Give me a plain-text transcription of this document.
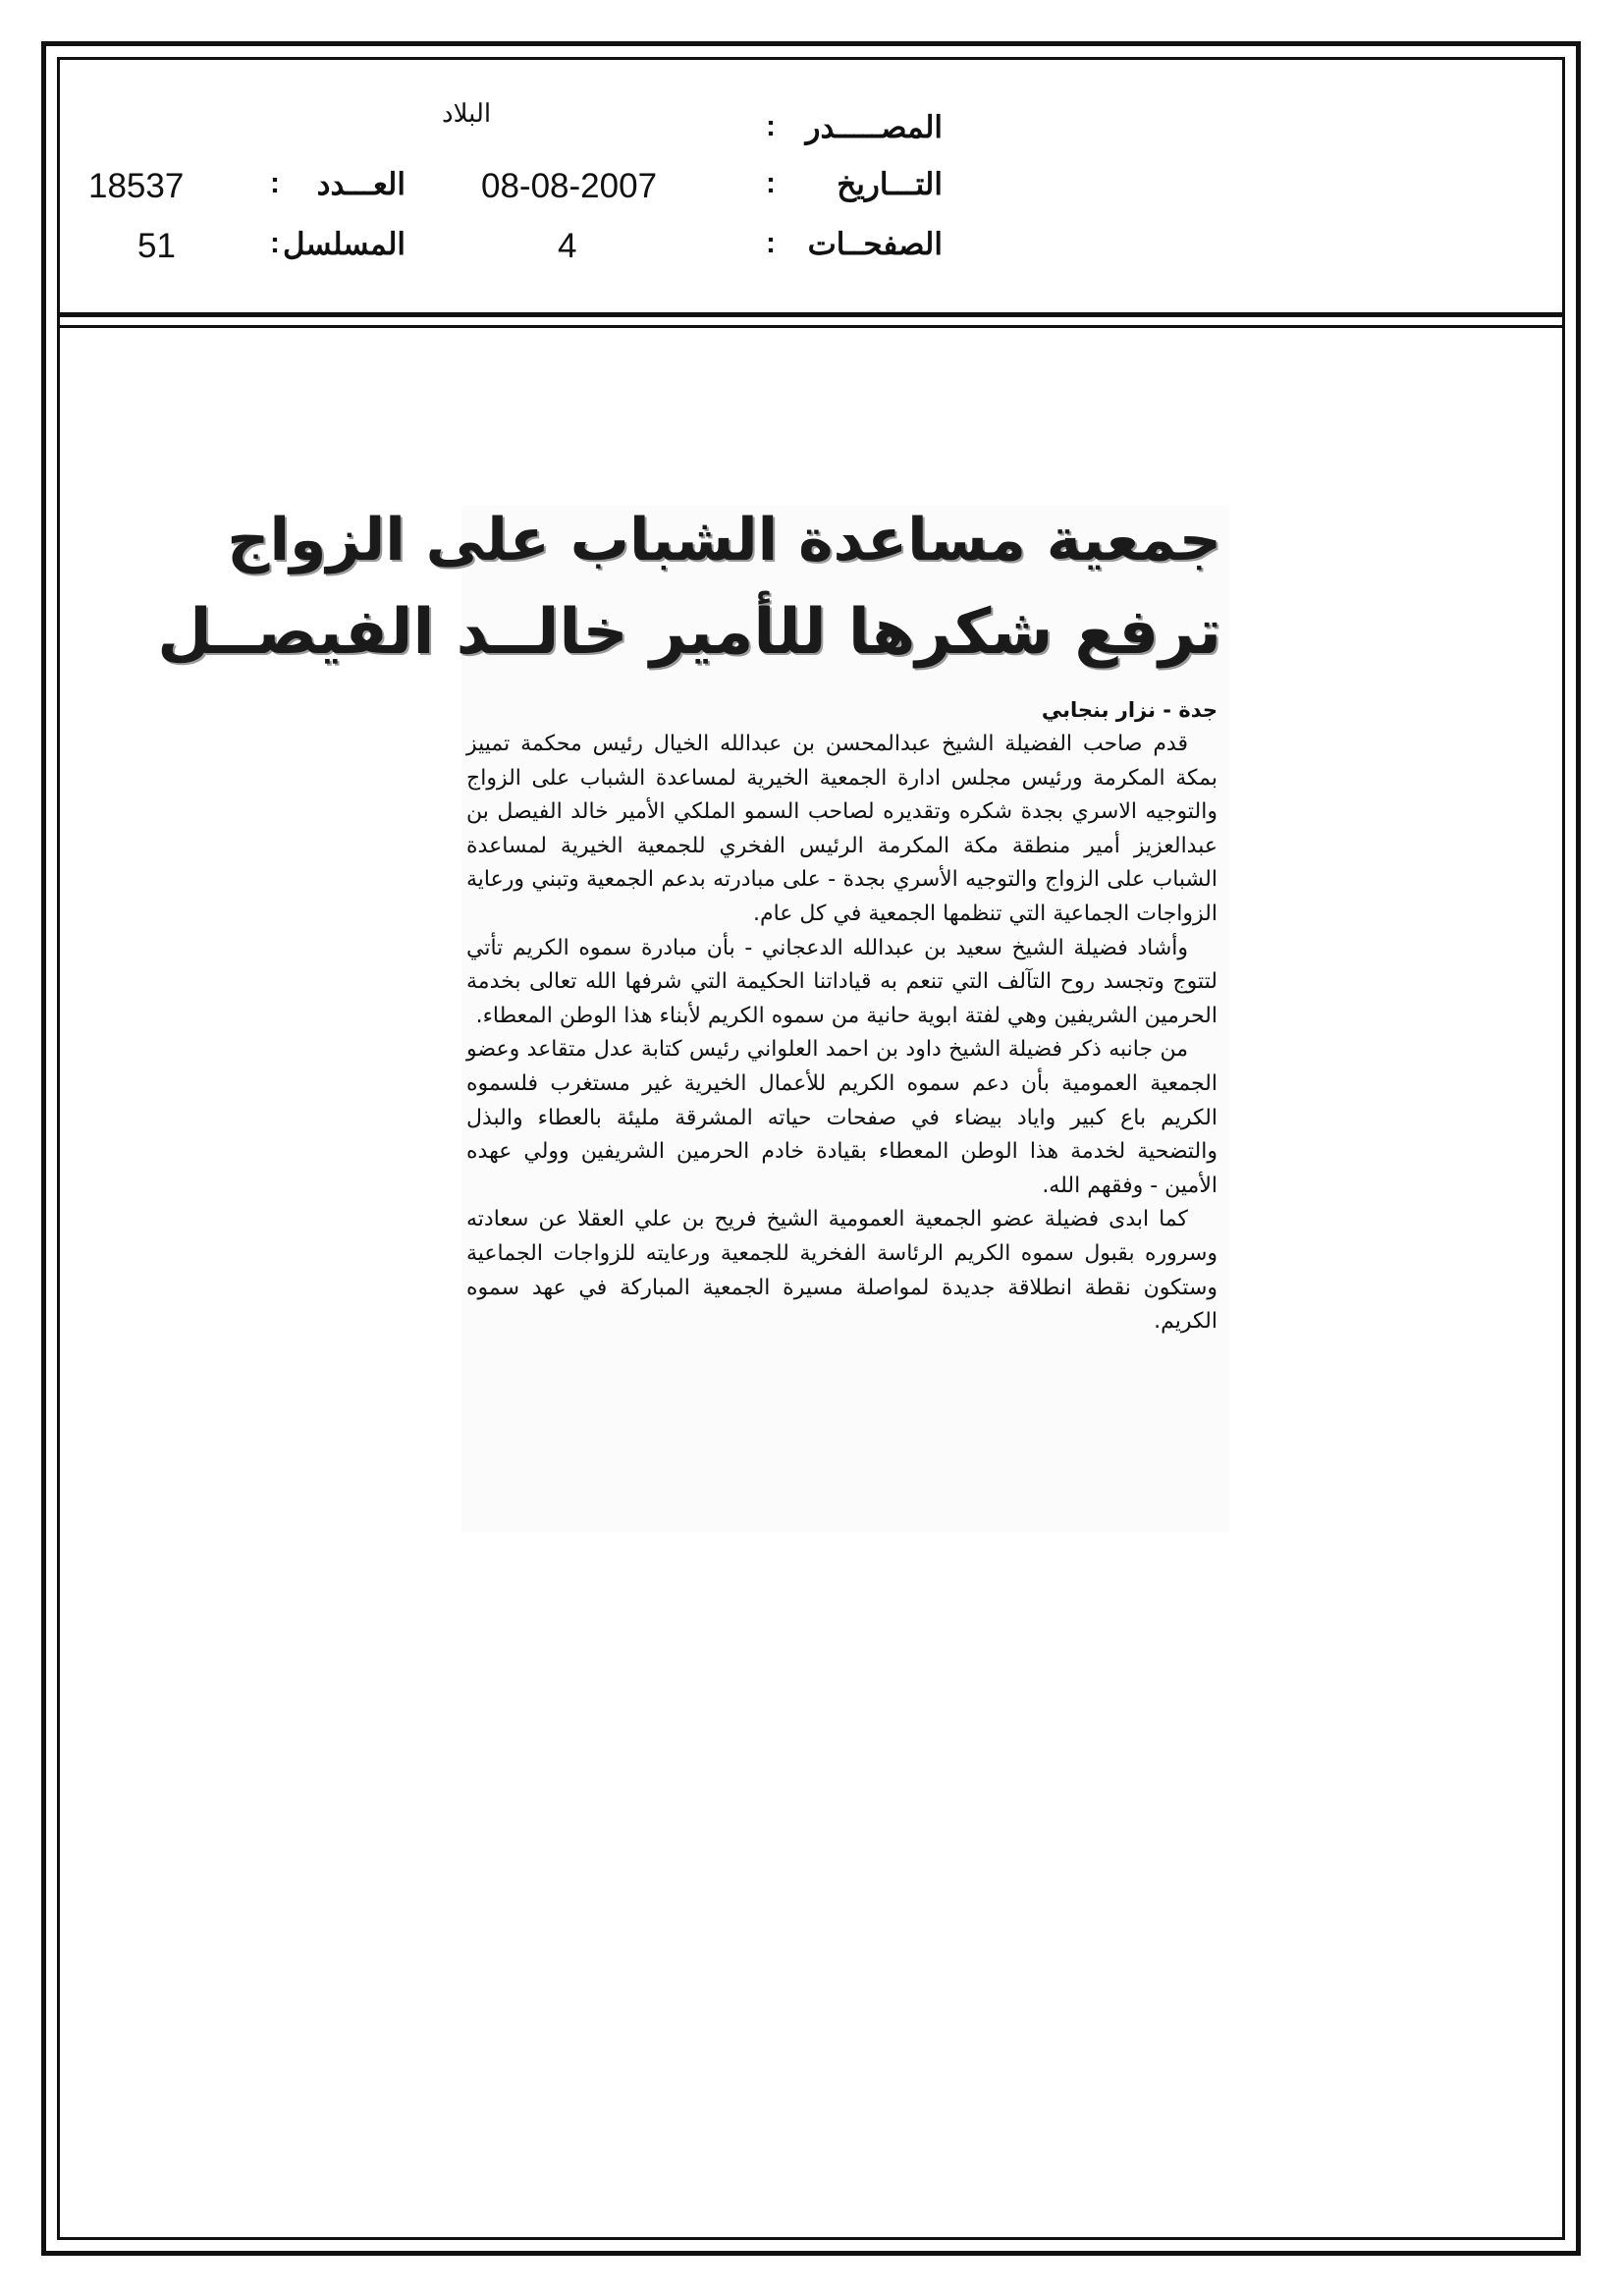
البلاد	المصـــــدر
:
08-08-2007	التـــاريخ
:
4	الصفحــات
:
18537	العـــدد
:
51	المسلسل
:
جمعية مساعدة الشباب على الزواج
ترفع شكرها للأمير خالــد الفيصــل
جدة - نزار بنجابي

قدم صاحب الفضيلة الشيخ عبدالمحسن بن عبدالله الخيال رئيس محكمة تمييز بمكة المكرمة ورئيس مجلس ادارة الجمعية الخيرية لمساعدة الشباب على الزواج والتوجيه الاسري بجدة شكره وتقديره لصاحب السمو الملكي الأمير خالد الفيصل بن عبدالعزيز أمير منطقة مكة المكرمة الرئيس الفخري للجمعية الخيرية لمساعدة الشباب على الزواج والتوجيه الأسري بجدة - على مبادرته بدعم الجمعية وتبني ورعاية الزواجات الجماعية التي تنظمها الجمعية في كل عام.

وأشاد فضيلة الشيخ سعيد بن عبدالله الدعجاني - بأن مبادرة سموه الكريم تأتي لتتوج وتجسد روح التآلف التي تنعم به قياداتنا الحكيمة التي شرفها الله تعالى بخدمة الحرمين الشريفين وهي لفتة ابوية حانية من سموه الكريم لأبناء هذا الوطن المعطاء.

من جانبه ذكر فضيلة الشيخ داود بن احمد العلواني رئيس كتابة عدل متقاعد وعضو الجمعية العمومية بأن دعم سموه الكريم للأعمال الخيرية غير مستغرب فلسموه الكريم باع كبير واياد بيضاء في صفحات حياته المشرقة مليئة بالعطاء والبذل والتضحية لخدمة هذا الوطن المعطاء بقيادة خادم الحرمين الشريفين وولي عهده الأمين - وفقهم الله.

كما ابدى فضيلة عضو الجمعية العمومية الشيخ فريح بن علي العقلا عن سعادته وسروره بقبول سموه الكريم الرئاسة الفخرية للجمعية ورعايته للزواجات الجماعية وستكون نقطة انطلاقة جديدة لمواصلة مسيرة الجمعية المباركة في عهد سموه الكريم.
